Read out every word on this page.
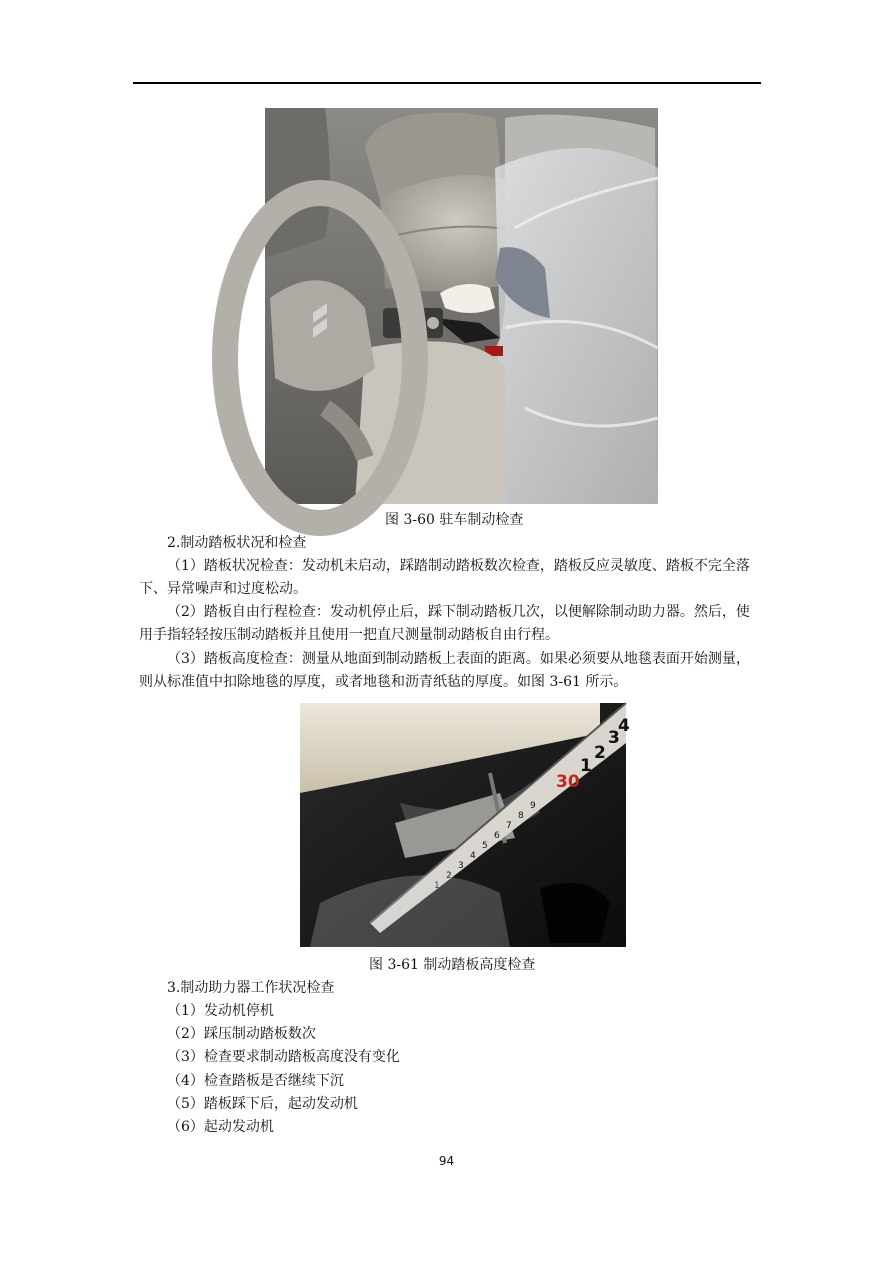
图 3-60 驻车制动检查
2.制动踏板状况和检查
（1）踏板状况检查：发动机未启动，踩踏制动踏板数次检查，踏板反应灵敏度、踏板不完全落下、异常噪声和过度松动。
（2）踏板自由行程检查：发动机停止后，踩下制动踏板几次，以便解除制动助力器。然后，使用手指轻轻按压制动踏板并且使用一把直尺测量制动踏板自由行程。
（3）踏板高度检查：测量从地面到制动踏板上表面的距离。如果必须要从地毯表面开始测量，则从标准值中扣除地毯的厚度，或者地毯和沥青纸毡的厚度。如图 3-61 所示。
30
1
2
3
4
9
8
7
6
5
4
3
2
1
图 3-61 制动踏板高度检查
3.制动助力器工作状况检查
（1）发动机停机
（2）踩压制动踏板数次
（3）检查要求制动踏板高度没有变化
（4）检查踏板是否继续下沉
（5）踏板踩下后，起动发动机
（6）起动发动机
94
